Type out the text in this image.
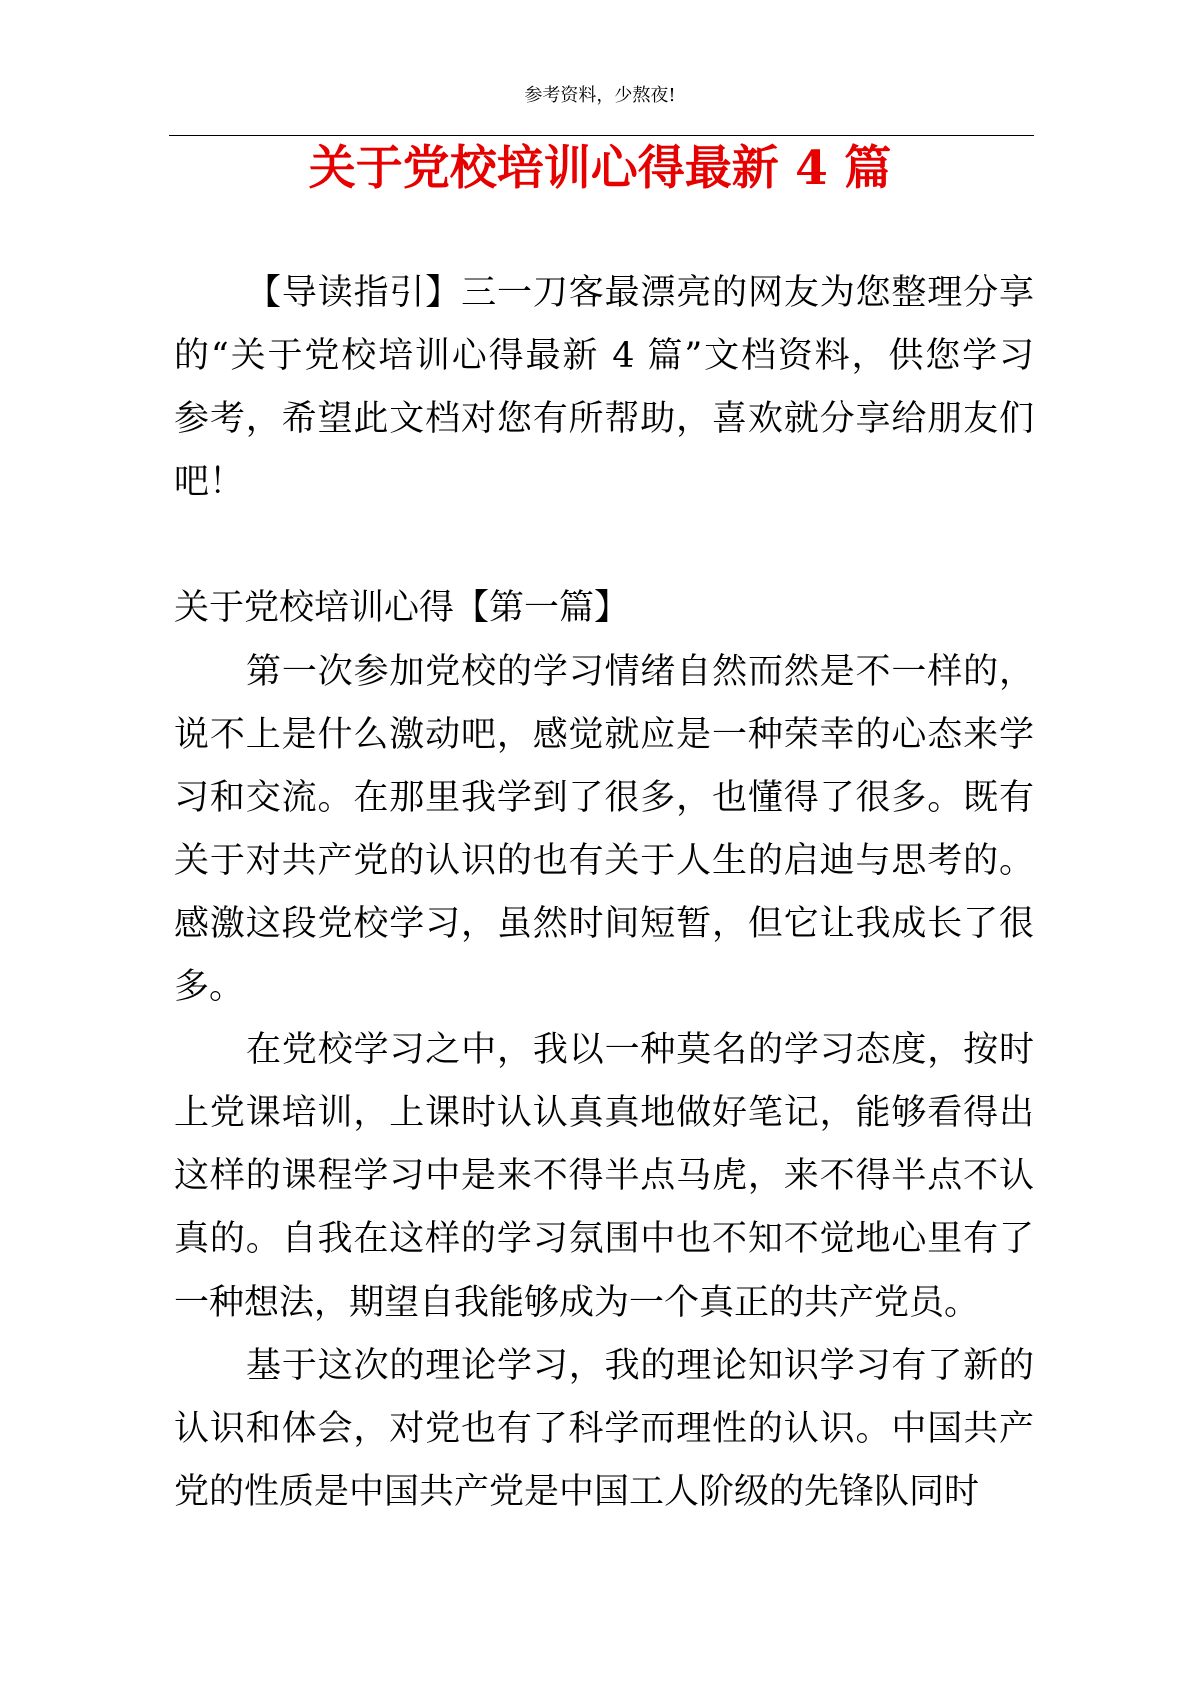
参考资料，少熬夜!
关于党校培训心得最新 4 篇
【导读指引】三一刀客最漂亮的网友为您整理分享
的“关于党校培训心得最新 4 篇”文档资料，供您学习
参考，希望此文档对您有所帮助，喜欢就分享给朋友们
吧！
关于党校培训心得【第一篇】
第一次参加党校的学习情绪自然而然是不一样的，
说不上是什么激动吧，感觉就应是一种荣幸的心态来学
习和交流。在那里我学到了很多，也懂得了很多。既有
关于对共产党的认识的也有关于人生的启迪与思考的。
感激这段党校学习，虽然时间短暂，但它让我成长了很
多。
在党校学习之中，我以一种莫名的学习态度，按时
上党课培训，上课时认认真真地做好笔记，能够看得出
这样的课程学习中是来不得半点马虎，来不得半点不认
真的。自我在这样的学习氛围中也不知不觉地心里有了
一种想法，期望自我能够成为一个真正的共产党员。
基于这次的理论学习，我的理论知识学习有了新的
认识和体会，对党也有了科学而理性的认识。中国共产
党的性质是中国共产党是中国工人阶级的先锋队同时
